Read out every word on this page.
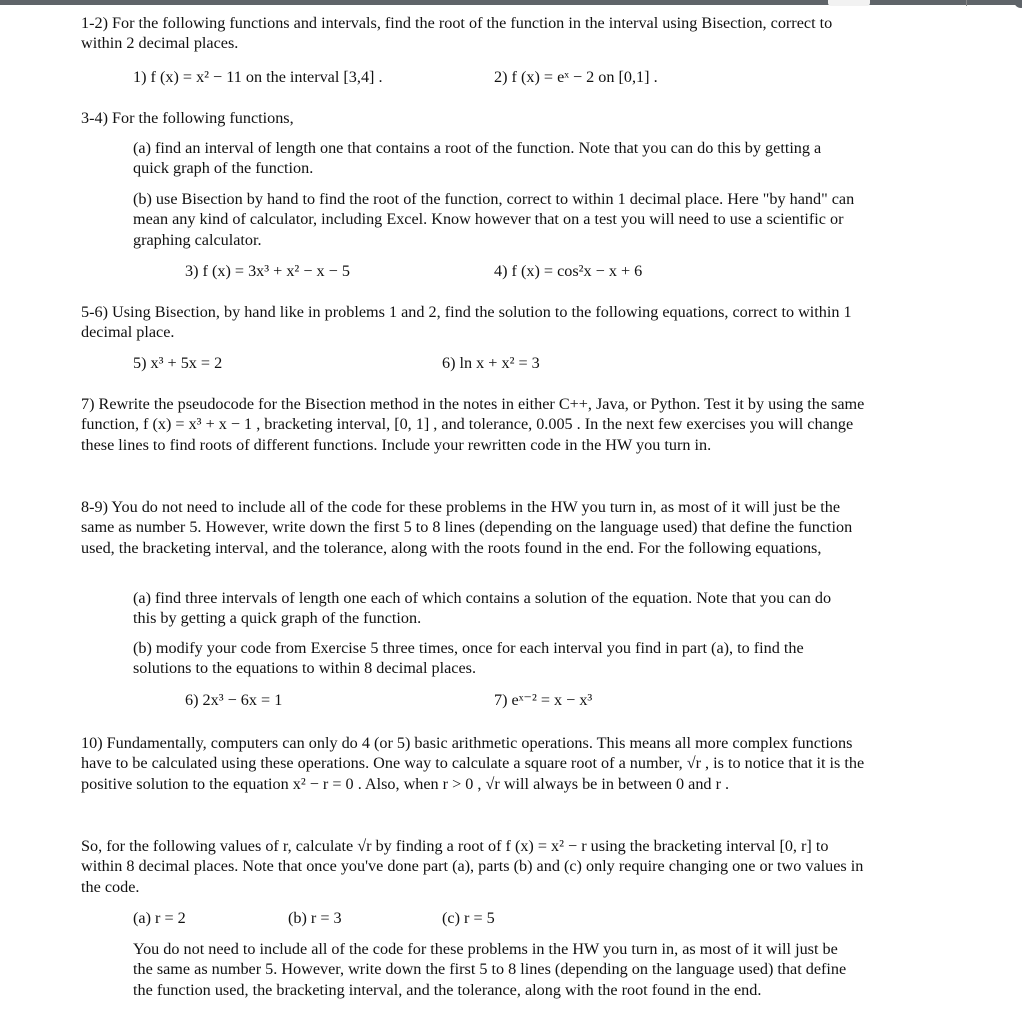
1-2) For the following functions and intervals, find the root of the function in the interval using Bisection, correct to within 2 decimal places.
1) f (x) = x² − 11 on the interval [3,4] .	2) f (x) = eˣ − 2 on [0,1] .
3-4) For the following functions,
(a) find an interval of length one that contains a root of the function. Note that you can do this by getting a quick graph of the function.
(b) use Bisection by hand to find the root of the function, correct to within 1 decimal place. Here "by hand" can mean any kind of calculator, including Excel. Know however that on a test you will need to use a scientific or graphing calculator.
3) f (x) = 3x³ + x² − x − 5	4) f (x) = cos²x − x + 6
5-6) Using Bisection, by hand like in problems 1 and 2, find the solution to the following equations, correct to within 1 decimal place.
5) x³ + 5x = 2	6) ln x + x² = 3
7) Rewrite the pseudocode for the Bisection method in the notes in either C++, Java, or Python. Test it by using the same function, f (x) = x³ + x − 1 , bracketing interval, [0, 1] , and tolerance, 0.005 . In the next few exercises you will change these lines to find roots of different functions. Include your rewritten code in the HW you turn in.
8-9) You do not need to include all of the code for these problems in the HW you turn in, as most of it will just be the same as number 5. However, write down the first 5 to 8 lines (depending on the language used) that define the function used, the bracketing interval, and the tolerance, along with the roots found in the end. For the following equations,
(a) find three intervals of length one each of which contains a solution of the equation. Note that you can do this by getting a quick graph of the function.
(b) modify your code from Exercise 5 three times, once for each interval you find in part (a), to find the solutions to the equations to within 8 decimal places.
6) 2x³ − 6x = 1	7) eˣ⁻² = x − x³
10) Fundamentally, computers can only do 4 (or 5) basic arithmetic operations. This means all more complex functions have to be calculated using these operations. One way to calculate a square root of a number, √r , is to notice that it is the positive solution to the equation x² − r = 0 . Also, when r > 0 , √r will always be in between 0 and r .
So, for the following values of r, calculate √r by finding a root of f (x) = x² − r using the bracketing interval [0, r] to within 8 decimal places. Note that once you've done part (a), parts (b) and (c) only require changing one or two values in the code.
(a) r = 2	(b) r = 3	(c) r = 5
You do not need to include all of the code for these problems in the HW you turn in, as most of it will just be the same as number 5. However, write down the first 5 to 8 lines (depending on the language used) that define the function used, the bracketing interval, and the tolerance, along with the root found in the end.
